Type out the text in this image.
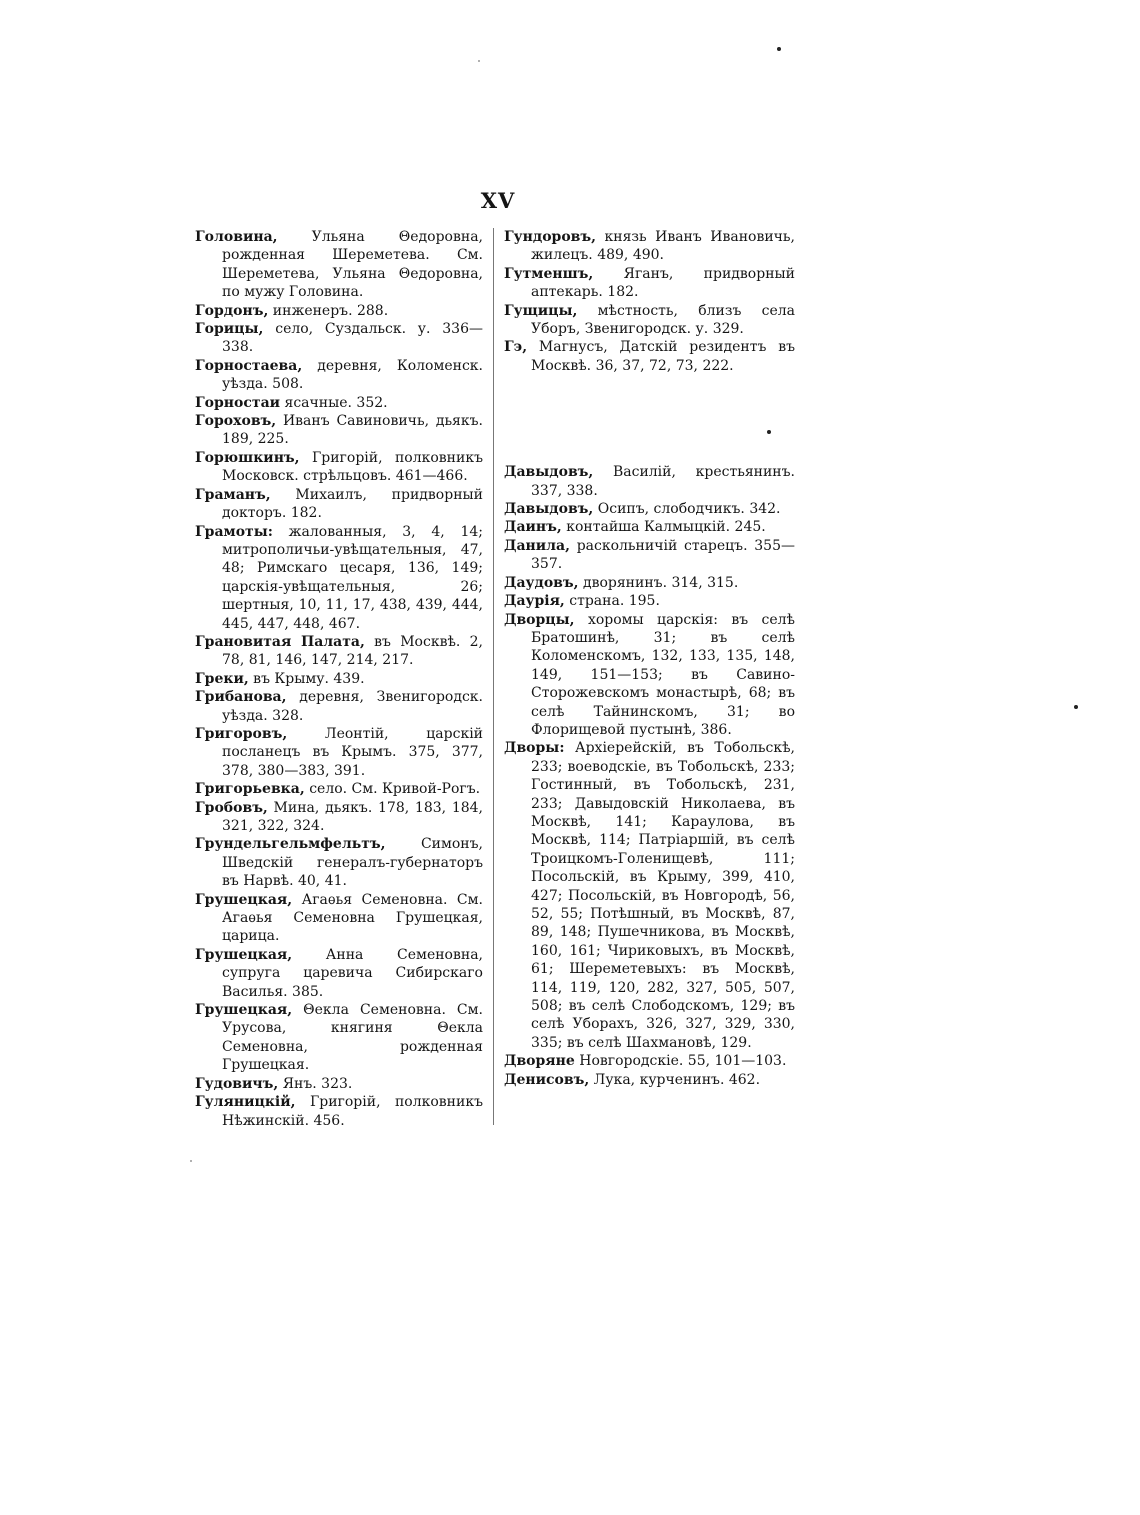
XV

Головина, Ульяна Θедоровна, рожденная Шереметева. См. Шереметева, Ульяна Θедоровна, по мужу Головина.

Гордонъ, инженеръ. 288.

Горицы, село, Суздальск. у. 336—338.

Горностаева, деревня, Коломенск. уѣзда. 508.

Горностаи ясачные. 352.

Гороховъ, Иванъ Савиновичь, дьякъ. 189, 225.

Горюшкинъ, Григорій, полковникъ Московск. стрѣльцовъ. 461—466.

Граманъ, Михаилъ, придворный докторъ. 182.

Грамоты: жалованныя, 3, 4, 14; митрополичьи-увѣщательныя, 47, 48; Римскаго цесаря, 136, 149; царскія-увѣщательныя, 26; шертныя, 10, 11, 17, 438, 439, 444, 445, 447, 448, 467.

Грановитая Палата, въ Москвѣ. 2, 78, 81, 146, 147, 214, 217.

Греки, въ Крыму. 439.

Грибанова, деревня, Звенигородск. уѣзда. 328.

Григоровъ, Леонтій, царскій посланецъ въ Крымъ. 375, 377, 378, 380—383, 391.

Григорьевка, село. См. Кривой-Рогъ.

Гробовъ, Мина, дьякъ. 178, 183, 184, 321, 322, 324.

Грундельгельмфельтъ, Симонъ, Шведскій генералъ-губернаторъ въ Нарвѣ. 40, 41.

Грушецкая, Агаѳья Семеновна. См. Агаѳья Семеновна Грушецкая, царица.

Грушецкая, Анна Семеновна, супруга царевича Сибирскаго Василья. 385.

Грушецкая, Θекла Семеновна. См. Урусова, княгиня Θекла Семеновна, рожденная Грушецкая.

Гудовичъ, Янъ. 323.

Гуляницкій, Григорій, полковникъ Нѣжинскій. 456.

Гундоровъ, князь Иванъ Ивановичь, жилецъ. 489, 490.

Гутменшъ, Яганъ, придворный аптекарь. 182.

Гущицы, мѣстность, близъ села Уборъ, Звенигородск. у. 329.

Гэ, Магнусъ, Датскій резидентъ въ Москвѣ. 36, 37, 72, 73, 222.

Давыдовъ, Василій, крестьянинъ. 337, 338.

Давыдовъ, Осипъ, слободчикъ. 342.

Даинъ, контайша Калмыцкій. 245.

Данила, раскольничій старецъ. 355—357.

Даудовъ, дворянинъ. 314, 315.

Даурія, страна. 195.

Дворцы, хоромы царскія: въ селѣ Братошинѣ, 31; въ селѣ Коломенскомъ, 132, 133, 135, 148, 149, 151—153; въ Савино-Сторожевскомъ монастырѣ, 68; въ селѣ Тайнинскомъ, 31; во Флорищевой пустынѣ, 386.

Дворы: Архіерейскій, въ Тобольскѣ, 233; воеводскіе, въ Тобольскѣ, 233; Гостинный, въ Тобольскѣ, 231, 233; Давыдовскій Николаева, въ Москвѣ, 141; Караулова, въ Москвѣ, 114; Патріаршій, въ селѣ Троицкомъ-Голенищевѣ, 111; Посольскій, въ Крыму, 399, 410, 427; Посольскій, въ Новгородѣ, 56, 52, 55; Потѣшный, въ Москвѣ, 87, 89, 148; Пушечникова, въ Москвѣ, 160, 161; Чириковыхъ, въ Москвѣ, 61; Шереметевыхъ: въ Москвѣ, 114, 119, 120, 282, 327, 505, 507, 508; въ селѣ Слободскомъ, 129; въ селѣ Уборахъ, 326, 327, 329, 330, 335; въ селѣ Шахмановѣ, 129.

Дворяне Новгородскіе. 55, 101—103.

Денисовъ, Лука, курченинъ. 462.
